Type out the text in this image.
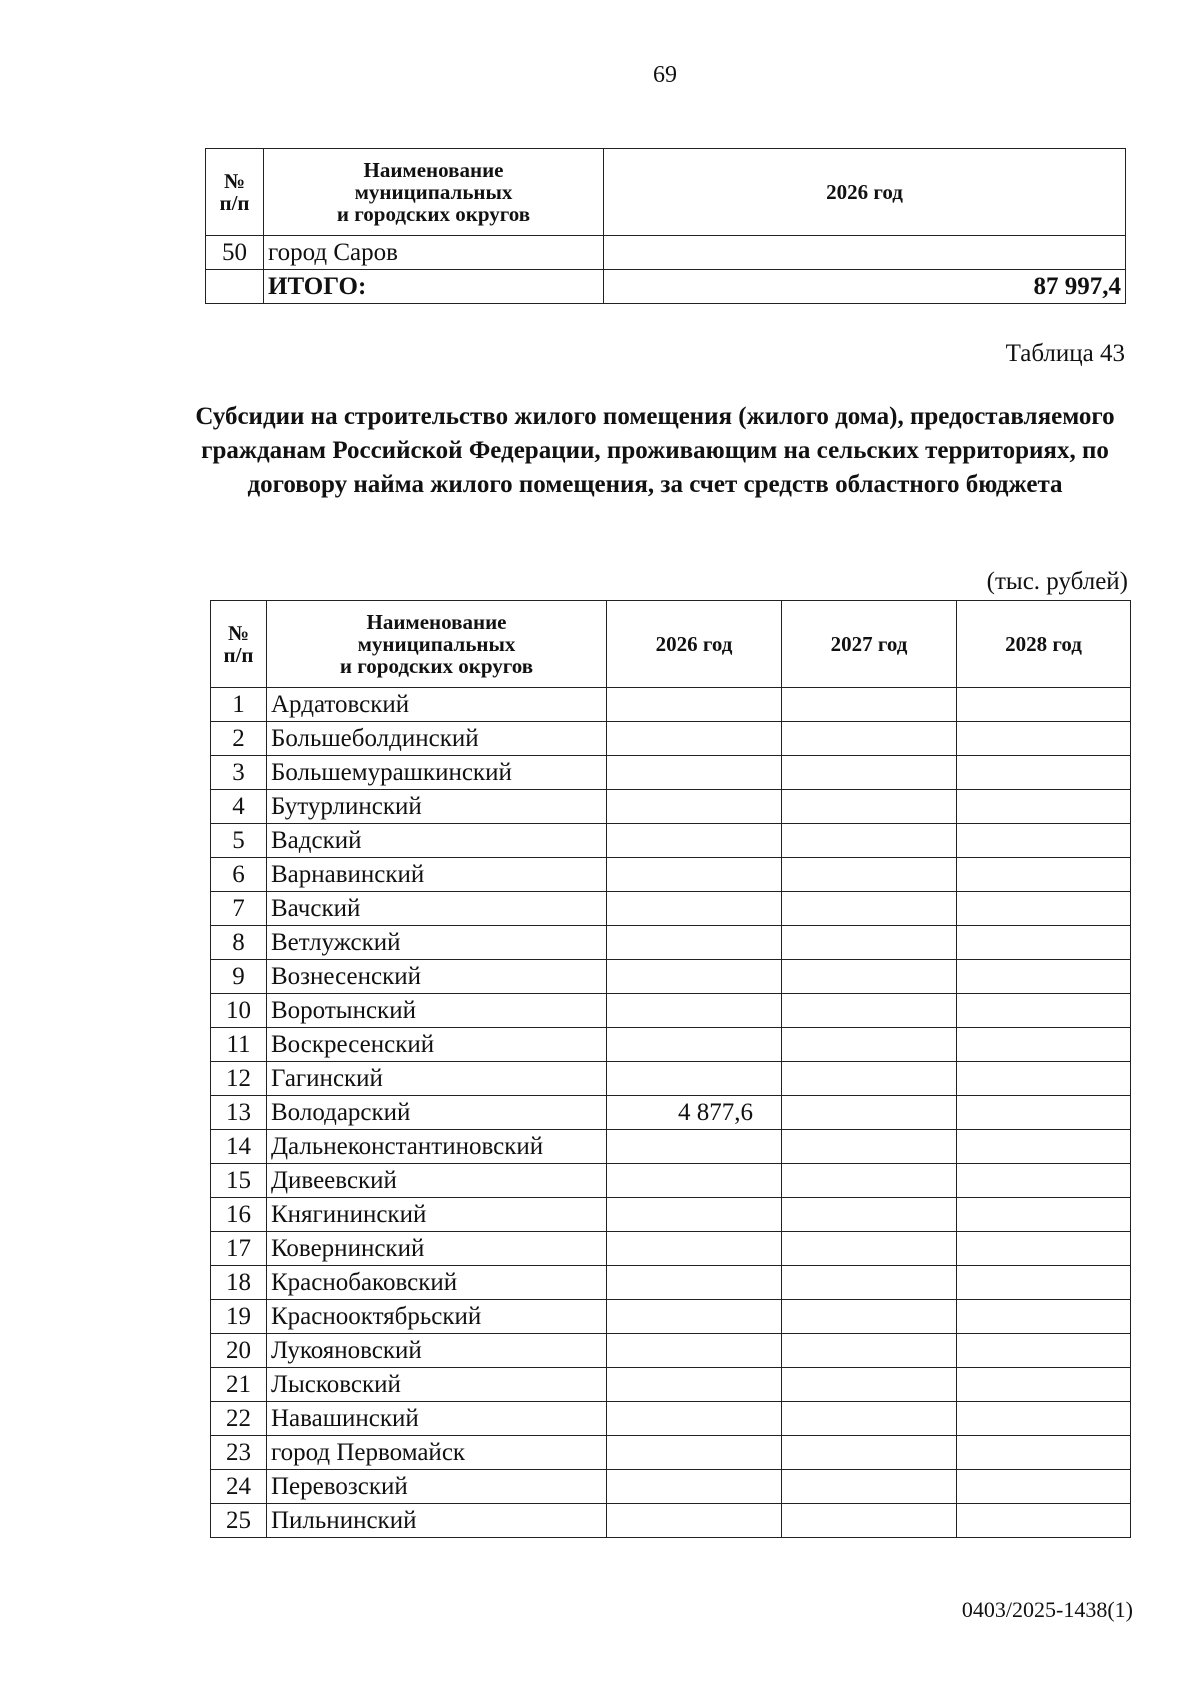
69
№
п/п	Наименование
муниципальных
и городских округов	2026 год
50	город Саров	
	ИТОГО:	87 997,4
Таблица 43
Субсидии на строительство жилого помещения (жилого дома), предоставляемого гражданам Российской Федерации, проживающим на сельских территориях, по договору найма жилого помещения, за счет средств областного бюджета
(тыс. рублей)
№
п/п	Наименование
муниципальных
и городских округов	2026 год	2027 год	2028 год
1	Ардатовский			
2	Большеболдинский			
3	Большемурашкинский			
4	Бутурлинский			
5	Вадский			
6	Варнавинский			
7	Вачский			
8	Ветлужский			
9	Вознесенский			
10	Воротынский			
11	Воскресенский			
12	Гагинский			
13	Володарский	4 877,6		
14	Дальнеконстантиновский			
15	Дивеевский			
16	Княгининский			
17	Ковернинский			
18	Краснобаковский			
19	Краснооктябрьский			
20	Лукояновский			
21	Лысковский			
22	Навашинский			
23	город Первомайск			
24	Перевозский			
25	Пильнинский			
0403/2025-1438(1)
